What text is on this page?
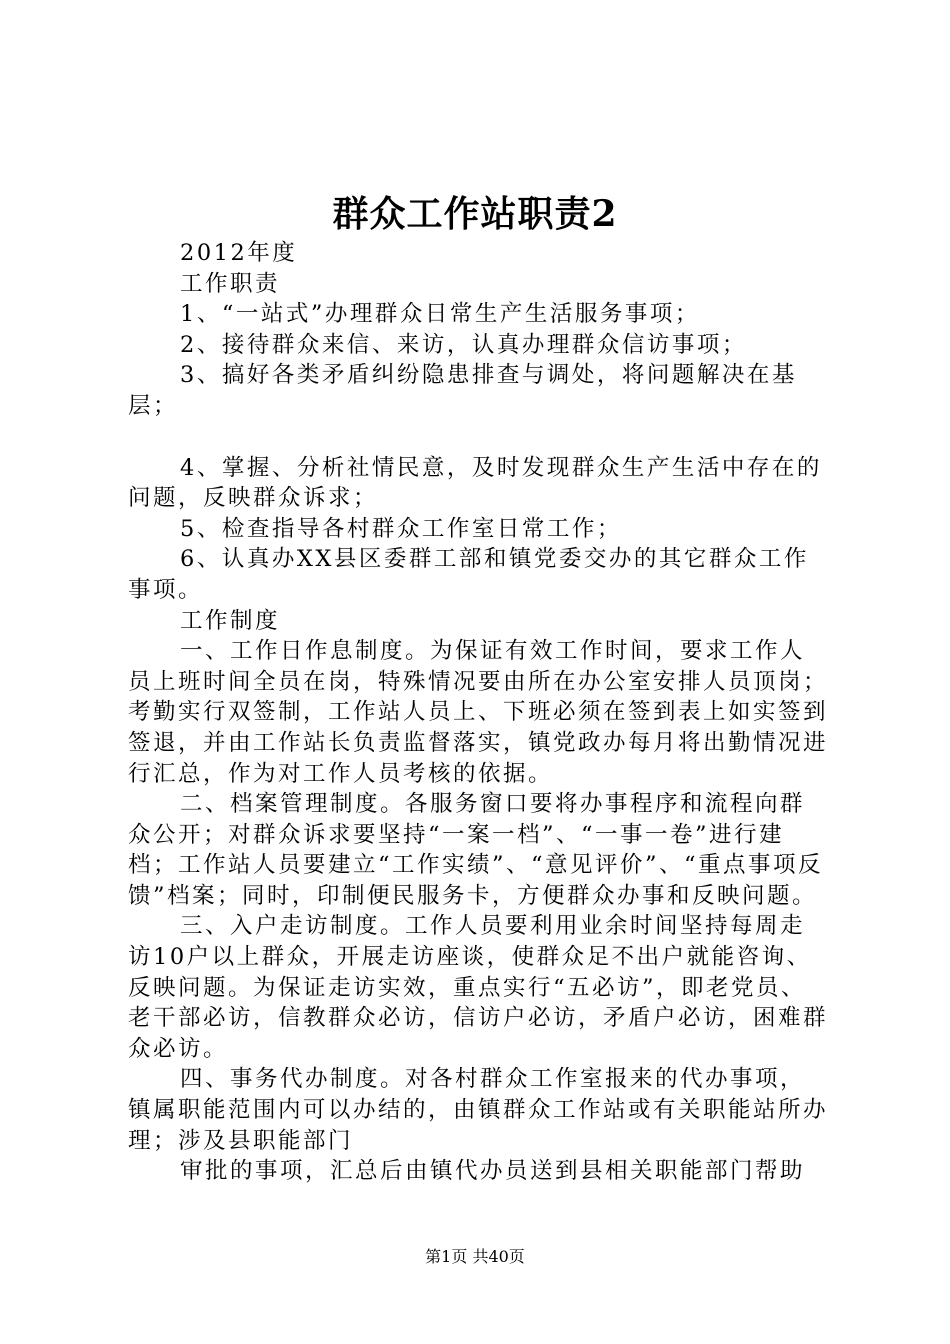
群众工作站职责2

2012年度

工作职责

1、“一站式”办理群众日常生产生活服务事项；

2、接待群众来信、来访，认真办理群众信访事项；

3、搞好各类矛盾纠纷隐患排查与调处，将问题解决在基层；

4、掌握、分析社情民意，及时发现群众生产生活中存在的问题，反映群众诉求；

5、检查指导各村群众工作室日常工作；

6、认真办XX县区委群工部和镇党委交办的其它群众工作事项。

工作制度

一、工作日作息制度。为保证有效工作时间，要求工作人员上班时间全员在岗，特殊情况要由所在办公室安排人员顶岗；考勤实行双签制，工作站人员上、下班必须在签到表上如实签到签退，并由工作站长负责监督落实，镇党政办每月将出勤情况进行汇总，作为对工作人员考核的依据。

二、档案管理制度。各服务窗口要将办事程序和流程向群众公开；对群众诉求要坚持“一案一档”、“一事一卷”进行建档；工作站人员要建立“工作实绩”、“意见评价”、“重点事项反馈”档案；同时，印制便民服务卡，方便群众办事和反映问题。

三、入户走访制度。工作人员要利用业余时间坚持每周走访10户以上群众，开展走访座谈，使群众足不出户就能咨询、反映问题。为保证走访实效，重点实行“五必访”，即老党员、老干部必访，信教群众必访，信访户必访，矛盾户必访，困难群众必访。

四、事务代办制度。对各村群众工作室报来的代办事项，镇属职能范围内可以办结的，由镇群众工作站或有关职能站所办理；涉及县职能部门

审批的事项，汇总后由镇代办员送到县相关职能部门帮助

第1页 共40页
